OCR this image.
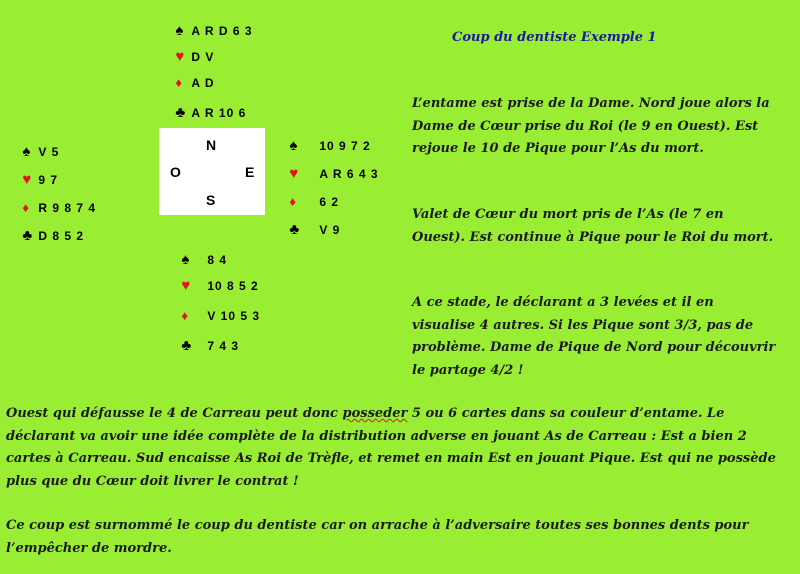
♠ A R D 6 3

♥ D V

♦ A D

♣ A R 10 6

♠ V 5

♥ 9 7

♦ R 9 8 7 4

♣ D 8 5 2

N
O	E
S

♠ 10 9 7 2

♥ A R 6 4 3

♦ 6 2

♣ V 9

♠ 8 4

♥ 10 8 5 2

♦ V 10 5 3

♣ 7 4 3

Coup du dentiste Exemple 1

L’entame est prise de la Dame. Nord joue alors la Dame de Cœur prise du Roi (le 9 en Ouest). Est rejoue le 10 de Pique pour l’As du mort.

Valet de Cœur du mort pris de l’As (le 7 en Ouest). Est continue à Pique pour le Roi du mort.

A ce stade, le déclarant a 3 levées et il en visualise 4 autres. Si les Pique sont 3/3, pas de problème. Dame de Pique de Nord pour découvrir le partage 4/2 !

Ouest qui défausse le 4 de Carreau peut donc posseder 5 ou 6 cartes dans sa couleur d’entame. Le déclarant va avoir une idée complète de la distribution adverse en jouant As de Carreau : Est a bien 2 cartes à Carreau. Sud encaisse As Roi de Trèfle, et remet en main Est en jouant Pique. Est qui ne possède plus que du Cœur doit livrer le contrat !

Ce coup est surnommé le coup du dentiste car on arrache à l’adversaire toutes ses bonnes dents pour l’empêcher de mordre.
